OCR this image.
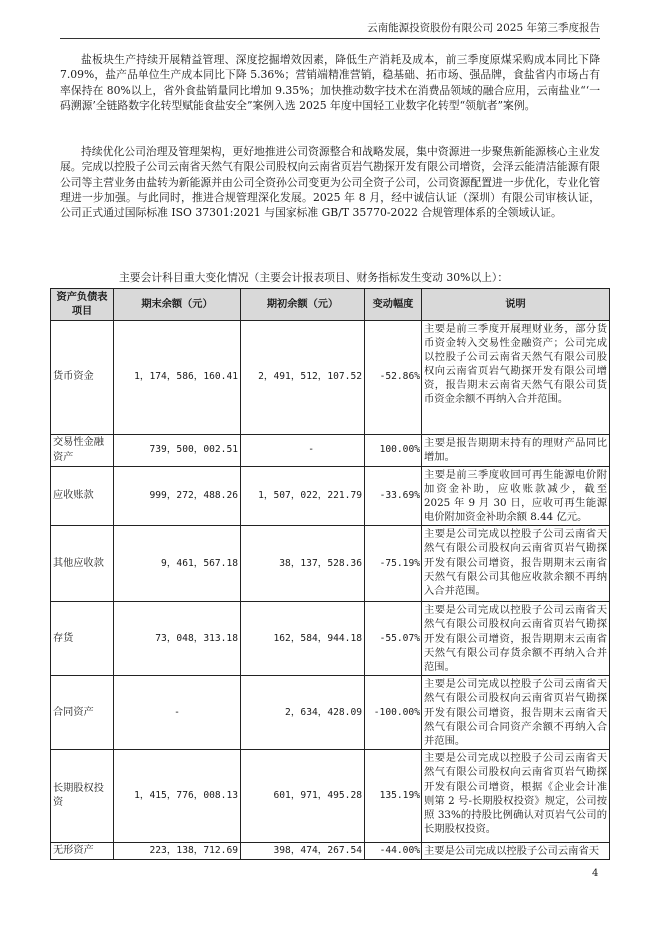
云南能源投资股份有限公司 2025 年第三季度报告

盐板块生产持续开展精益管理、深度挖掘增效因素，降低生产消耗及成本，前三季度原煤采购成本同比下降 7.09%，盐产品单位生产成本同比下降 5.36%；营销端精准营销，稳基础、拓市场、强品牌，食盐省内市场占有率保持在 80%以上，省外食盐销量同比增加 9.35%；加快推动数字技术在消费品领域的融合应用，云南盐业“‘一码溯源’全链路数字化转型赋能食盐安全”案例入选 2025 年度中国轻工业数字化转型“领航者”案例。

持续优化公司治理及管理架构，更好地推进公司资源整合和战略发展，集中资源进一步聚焦新能源核心主业发展。完成以控股子公司云南省天然气有限公司股权向云南省页岩气勘探开发有限公司增资，会泽云能清洁能源有限公司等主营业务由盐转为新能源并由公司全资孙公司变更为公司全资子公司，公司资源配置进一步优化，专业化管理进一步加强。与此同时，推进合规管理深化发展。2025 年 8 月，经中诚信认证（深圳）有限公司审核认证，公司正式通过国际标准 ISO 37301:2021 与国家标准 GB/T 35770-2022 合规管理体系的全领域认证。

主要会计科目重大变化情况（主要会计报表项目、财务指标发生变动 30%以上）：

资产负债表项目	期末余额（元）	期初余额（元）	变动幅度	说明
货币资金	1，174，586，160.41	2，491，512，107.52	-52.86%	主要是前三季度开展理财业务，部分货币资金转入交易性金融资产；公司完成以控股子公司云南省天然气有限公司股权向云南省页岩气勘探开发有限公司增资，报告期末云南省天然气有限公司货币资金余额不再纳入合并范围。
交易性金融资产	739，500，002.51	-	100.00%	主要是报告期期末持有的理财产品同比增加。
应收账款	999，272，488.26	1，507，022，221.79	-33.69%	主要是前三季度收回可再生能源电价附加资金补助，应收账款减少，截至 2025 年 9 月 30 日，应收可再生能源电价附加资金补助余额 8.44 亿元。
其他应收款	9，461，567.18	38，137，528.36	-75.19%	主要是公司完成以控股子公司云南省天然气有限公司股权向云南省页岩气勘探开发有限公司增资，报告期期末云南省天然气有限公司其他应收款余额不再纳入合并范围。
存货	73，048，313.18	162，584，944.18	-55.07%	主要是公司完成以控股子公司云南省天然气有限公司股权向云南省页岩气勘探开发有限公司增资，报告期期末云南省天然气有限公司存货余额不再纳入合并范围。
合同资产	-	2，634，428.09	-100.00%	主要是公司完成以控股子公司云南省天然气有限公司股权向云南省页岩气勘探开发有限公司增资，报告期末云南省天然气有限公司合同资产余额不再纳入合并范围。
长期股权投资	1，415，776，008.13	601，971，495.28	135.19%	主要是公司完成以控股子公司云南省天然气有限公司股权向云南省页岩气勘探开发有限公司增资，根据《企业会计准则第 2 号-长期股权投资》规定，公司按照 33%的持股比例确认对页岩气公司的长期股权投资。
无形资产	223，138，712.69	398，474，267.54	-44.00%	主要是公司完成以控股子公司云南省天
4
